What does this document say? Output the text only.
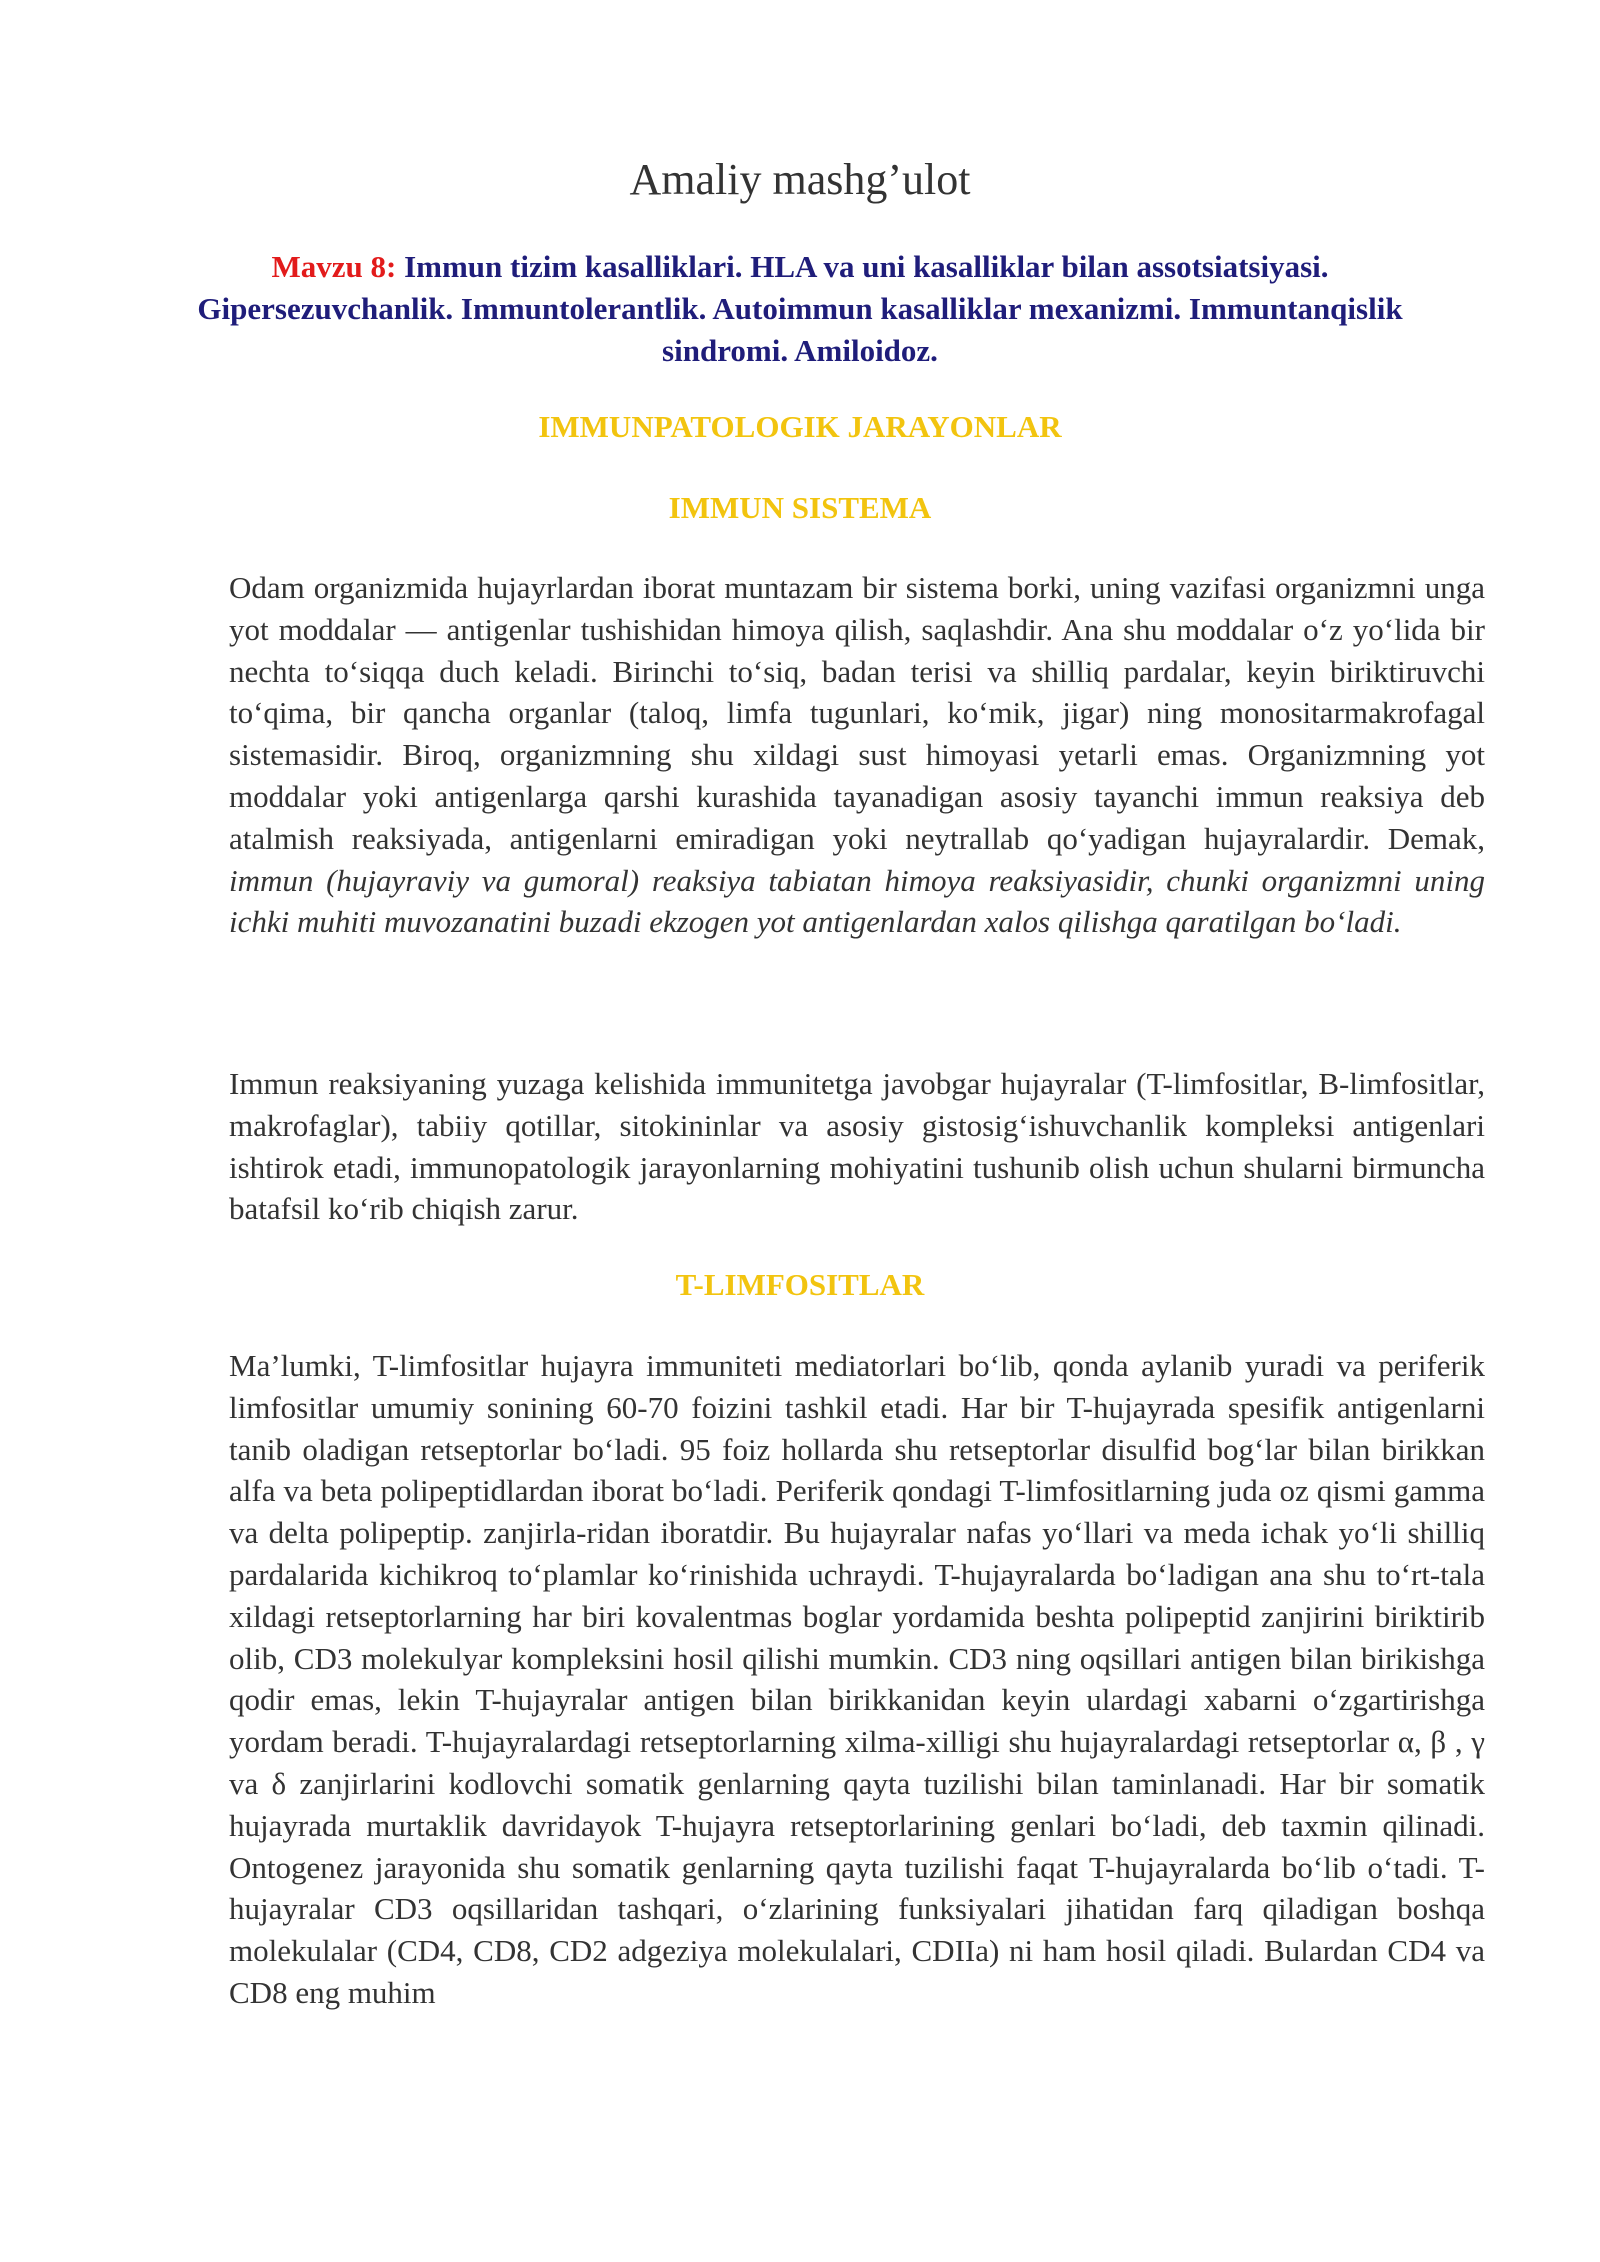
Amaliy mashg’ulot
Mavzu 8: Immun tizim kasalliklari. HLA va uni kasalliklar bilan assotsiatsiyasi. Gipersezuvchanlik. Immuntolerantlik. Autoimmun kasalliklar mexanizmi. Immuntanqislik sindromi. Amiloidoz.
IMMUNPATOLOGIK JARAYONLAR
IMMUN SISTEMA

Odam organizmida hujayrlardan iborat muntazam bir sistema borki, uning vazifasi organizmni unga yot moddalar — antigenlar tushishidan himoya qilish, saqlashdir. Ana shu moddalar oʻz yoʻlida bir nechta toʻsiqqa duch keladi. Birinchi toʻsiq, badan terisi va shilliq pardalar, keyin biriktiruvchi toʻqima, bir qancha organlar (taloq, limfa tugunlari, koʻmik, jigar) ning monositarmakrofagal sistemasidir. Biroq, organizmning shu xildagi sust himoyasi yetarli emas. Organizmning yot moddalar yoki antigenlarga qarshi kurashida tayanadigan asosiy tayanchi immun reaksiya deb atalmish reaksiyada, antigenlarni emiradigan yoki neytrallab qoʻyadigan hujayralardir. Demak, immun (hujayraviy va gumoral) reaksiya tabiatan himoya reaksiyasidir, chunki organizmni uning ichki muhiti muvozanatini buzadi ekzogen yot antigenlardan xalos qilishga qaratilgan boʻladi.

Immun reaksiyaning yuzaga kelishida immunitetga javobgar hujayralar (T-limfositlar, B-limfositlar, makrofaglar), tabiiy qotillar, sitokininlar va asosiy gistosigʻishuvchanlik kompleksi antigenlari ishtirok etadi, immunopatologik jarayonlarning mohiyatini tushunib olish uchun shularni birmuncha batafsil koʻrib chiqish zarur.

T-LIMFOSITLAR

Ma’lumki, T-limfositlar hujayra immuniteti mediatorlari boʻlib, qonda aylanib yuradi va periferik limfositlar umumiy sonining 60-70 foizini tashkil etadi. Har bir T-hujayrada spesifik antigenlarni tanib oladigan retseptorlar boʻladi. 95 foiz hollarda shu retseptorlar disulfid bogʻlar bilan birikkan alfa va beta polipeptidlardan iborat boʻladi. Periferik qondagi T-limfositlarning juda oz qismi gamma va delta polipeptip. zanjirla-ridan iboratdir. Bu hujayralar nafas yoʻllari va meda ichak yoʻli shilliq pardalarida kichikroq toʻplamlar koʻrinishida uchraydi. T-hujayralarda boʻladigan ana shu toʻrt-tala xildagi retseptorlarning har biri kovalentmas boglar yordamida beshta polipeptid zanjirini biriktirib olib, CD3 molekulyar kompleksini hosil qilishi mumkin. CD3 ning oqsillari antigen bilan birikishga qodir emas, lekin T-hujayralar antigen bilan birikkanidan keyin ulardagi xabarni oʻzgartirishga yordam beradi. T-hujayralardagi retseptorlarning xilma-xilligi shu hujayralardagi retseptorlar α, β , γ va δ zanjirlarini kodlovchi somatik genlarning qayta tuzilishi bilan taminlanadi. Har bir somatik hujayrada murtaklik davridayok T-hujayra retseptorlarining genlari boʻladi, deb taxmin qilinadi. Ontogenez jarayonida shu somatik genlarning qayta tuzilishi faqat T-hujayralarda boʻlib oʻtadi. T-hujayralar CD3 oqsillaridan tashqari, oʻzlarining funksiyalari jihatidan farq qiladigan boshqa molekulalar (CD4, CD8, CD2 adgeziya molekulalari, CDIIa) ni ham hosil qiladi. Bulardan CD4 va CD8 eng muhim
